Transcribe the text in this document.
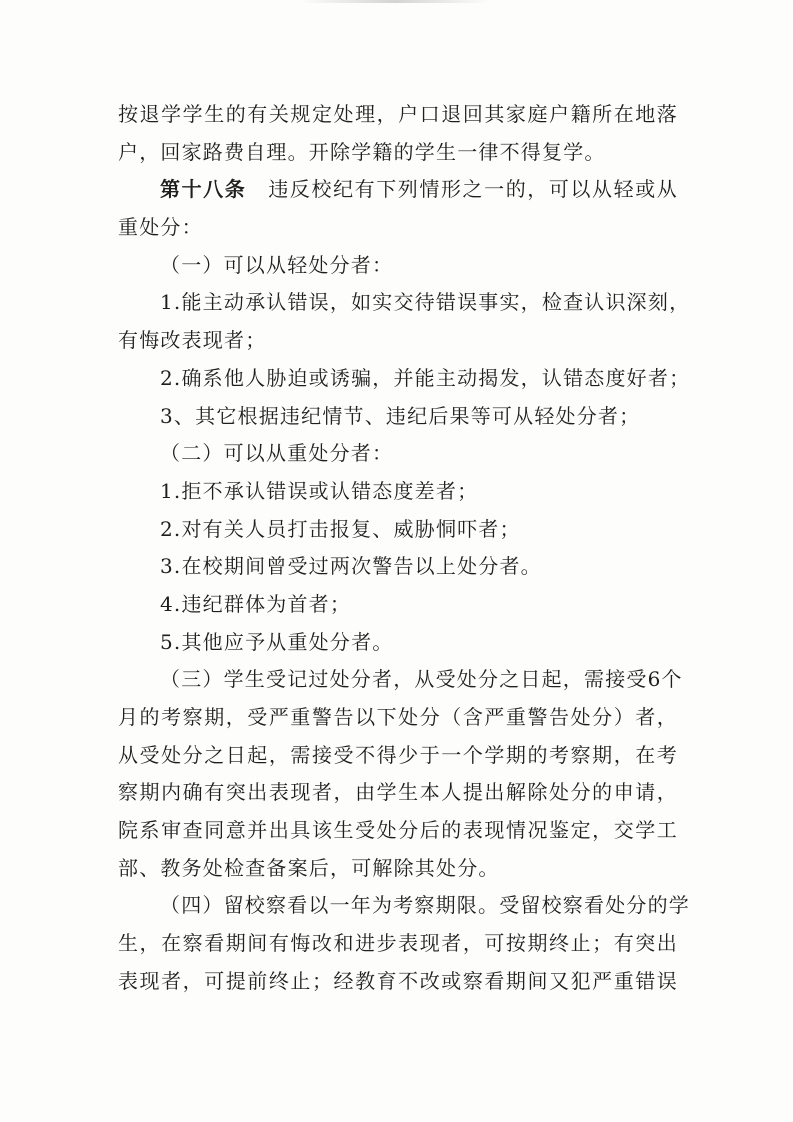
按退学学生的有关规定处理，户口退回其家庭户籍所在地落
户，回家路费自理。开除学籍的学生一律不得复学。
第十八条 违反校纪有下列情形之一的，可以从轻或从
重处分：
（一）可以从轻处分者：
1.能主动承认错误，如实交待错误事实，检查认识深刻，
有悔改表现者；
2.确系他人胁迫或诱骗，并能主动揭发，认错态度好者；
3、其它根据违纪情节、违纪后果等可从轻处分者；
（二）可以从重处分者：
1.拒不承认错误或认错态度差者；
2.对有关人员打击报复、威胁恫吓者；
3.在校期间曾受过两次警告以上处分者。
4.违纪群体为首者；
5.其他应予从重处分者。
（三）学生受记过处分者，从受处分之日起，需接受6个
月的考察期，受严重警告以下处分（含严重警告处分）者，
从受处分之日起，需接受不得少于一个学期的考察期，在考
察期内确有突出表现者，由学生本人提出解除处分的申请，
院系审查同意并出具该生受处分后的表现情况鉴定，交学工
部、教务处检查备案后，可解除其处分。
（四）留校察看以一年为考察期限。受留校察看处分的学
生，在察看期间有悔改和进步表现者，可按期终止；有突出
表现者，可提前终止；经教育不改或察看期间又犯严重错误
